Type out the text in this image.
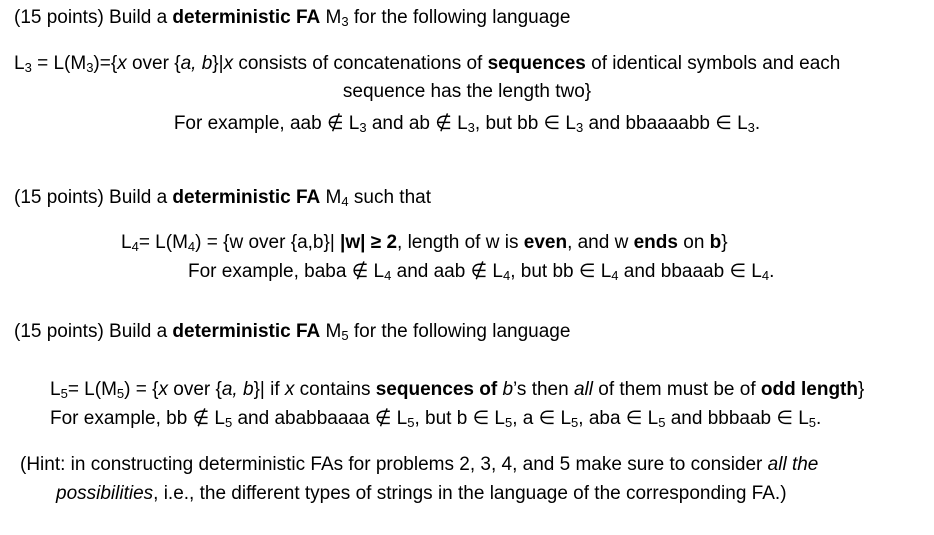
(15 points) Build a deterministic FA $M_3$ for the following language
$L_3 = L(M_3)=\{x$ over {a, b}|x consists of concatenations of sequences of identical symbols and each
sequence has the length two}
For example, aab ∉ $L_3$ and ab ∉ $L_3$, but bb ∈ $L_3$ and bbaaaabb ∈ $L_3$.
(15 points) Build a deterministic FA $M_4$ such that
$L_4= L(M_4) = \{w$ over {a,b}| |w| ≥ 2, length of w is even, and w ends on b}
For example, baba ∉ $L_4$ and aab ∉ $L_4$, but bb ∈ $L_4$ and bbaaab ∈ $L_4$.
(15 points) Build a deterministic FA $M_5$ for the following language
$L_5= L(M_5) = \{x$ over {a, b}| if x contains sequences of b’s then all of them must be of odd length}
For example, bb ∉ $L_5$ and ababbaaaa ∉ $L_5$, but b ∈ $L_5$, a ∈ $L_5$, aba ∈ $L_5$ and bbbaab ∈ $L_5$.
(Hint: in constructing deterministic FAs for problems 2, 3, 4, and 5 make sure to consider all the
possibilities, i.e., the different types of strings in the language of the corresponding FA.)
